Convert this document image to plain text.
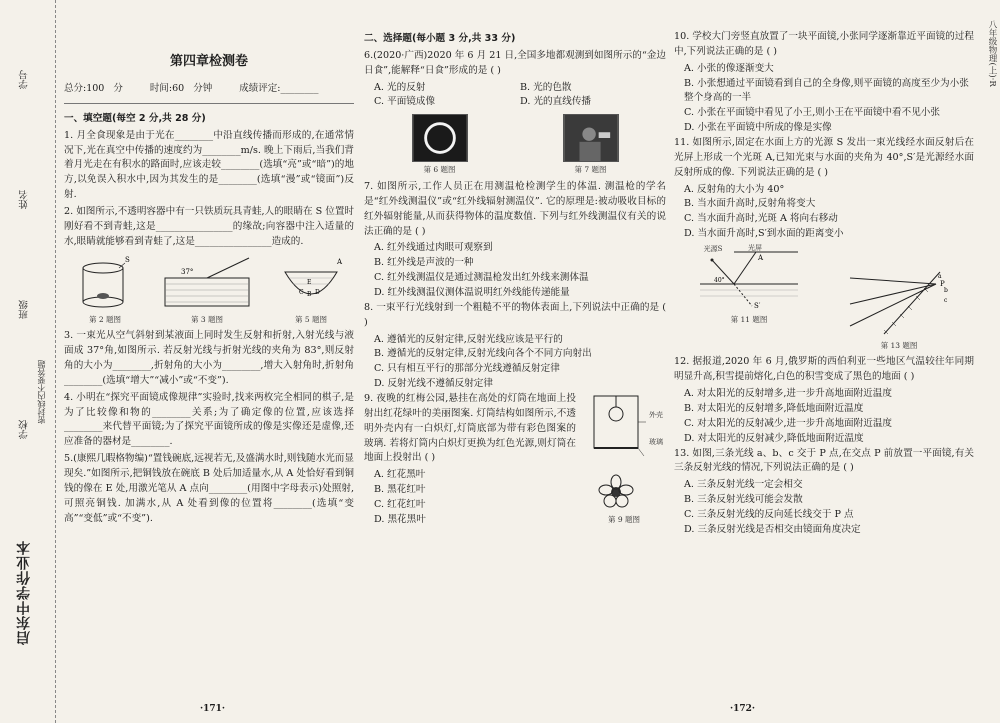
启东中学作业本
学校
班级
姓名
学号
密封线内不要答题
八年级物理(上)·R
第四章检测卷
总分:100 分	时间:60 分钟	成绩评定:________
一、填空题(每空 2 分,共 28 分)
1. 月全食现象是由于光在________中沿直线传播而形成的,在通常情况下,光在真空中传播的速度约为________m/s. 晚上下雨后,当我们背着月光走在有积水的路面时,应该走较________(选填“亮”或“暗”)的地方,以免误入积水中,因为其发生的是________(选填“漫”或“镜面”)反射.
2. 如图所示,不透明容器中有一只铁质玩具青蛙,人的眼睛在 S 位置时刚好看不到青蛙,这是________________的缘故;向容器中注入适量的水,眼睛就能够看到青蛙了,这是________________造成的.
S
第 2 题图
37°
第 3 题图
A
E
B
C D
第 5 题图
3. 一束光从空气斜射到某液面上同时发生反射和折射,入射光线与液面成 37°角,如图所示. 若反射光线与折射光线的夹角为 83°,则反射角的大小为________,折射角的大小为________,增大入射角时,折射角________(选填“增大”“减小”或“不变”).
4. 小明在“探究平面镜成像规律”实验时,找来两枚完全相同的棋子,是为了比较像和物的________关系;为了确定像的位置,应该选择________来代替平面镜;为了探究平面镜所成的像是实像还是虚像,还应准备的器材是________.
5.(康熙几暇格物编)“置钱碗底,远视若无,及盛满水时,则钱随水光而显现矣.”如图所示,把铜钱放在碗底 B 处后加适量水,从 A 处恰好看到铜钱的像在 E 处,用激光笔从 A 点向________(用图中字母表示)处照射,可照亮铜钱. 加满水,从 A 处看到像的位置将________(选填“变高”“变低”或“不变”).
·171·
二、选择题(每小题 3 分,共 33 分)
6.(2020·广西)2020 年 6 月 21 日,全国多地都观测到如图所示的“金边日食”,能解释“日食”形成的是 ( )
A. 光的反射	B. 光的色散
C. 平面镜成像	D. 光的直线传播
第 6 题图	第 7 题图
7. 如图所示,工作人员正在用测温枪检测学生的体温. 测温枪的学名是“红外线测温仪”或“红外线辐射测温仪”. 它的原理是:被动吸收目标的红外辐射能量,从而获得物体的温度数值. 下列与红外线测温仪有关的说法正确的是 ( )
A. 红外线通过肉眼可观察到
B. 红外线是声波的一种
C. 红外线测温仪是通过测温枪发出红外线来测体温
D. 红外线测温仪测体温说明红外线能传递能量
8. 一束平行光线射到一个粗糙不平的物体表面上,下列说法中正确的是 ( )
A. 遵循光的反射定律,反射光线应该是平行的
B. 遵循光的反射定律,反射光线向各个不同方向射出
C. 只有相互平行的那部分光线遵循反射定律
D. 反射光线不遵循反射定律
9. 夜晚的红梅公园,悬挂在高处的灯筒在地面上投射出红花绿叶的美丽图案. 灯筒结构如图所示,不透明外壳内有一白炽灯,灯筒底部为带有彩色图案的玻璃. 若将灯筒内白炽灯更换为红色光源,则灯筒在地面上投射出 ( )
A. 红花黑叶
B. 黑花红叶
C. 红花红叶
D. 黑花黑叶
外壳
玻璃
第 9 题图
10. 学校大门旁竖直放置了一块平面镜,小张同学逐渐靠近平面镜的过程中,下列说法正确的是 ( )
A. 小张的像逐渐变大
B. 小张想通过平面镜看到自己的全身像,则平面镜的高度至少为小张整个身高的一半
C. 小张在平面镜中看见了小王,则小王在平面镜中看不见小张
D. 小张在平面镜中所成的像是实像
11. 如图所示,固定在水面上方的光源 S 发出一束光线经水面反射后在光屏上形成一个光斑 A,已知光束与水面的夹角为 40°,S′是光源经水面反射所成的像. 下列说法正确的是 ( )
A. 反射角的大小为 40°
B. 当水面升高时,反射角将变大
C. 当水面升高时,光斑 A 将向右移动
D. 当水面升高时,S′到水面的距离变小
S′
A
40°
光源S	光屏
第 11 题图
P
a
b
c
第 13 题图
12. 据报道,2020 年 6 月,俄罗斯的西伯利亚一些地区气温较往年同期明显升高,积雪提前熔化,白色的积雪变成了黑色的地面 ( )
A. 对太阳光的反射增多,进一步升高地面附近温度
B. 对太阳光的反射增多,降低地面附近温度
C. 对太阳光的反射减少,进一步升高地面附近温度
D. 对太阳光的反射减少,降低地面附近温度
13. 如图,三条光线 a、b、c 交于 P 点,在交点 P 前放置一平面镜,有关三条反射光线的情况,下列说法正确的是 ( )
A. 三条反射光线一定会相交
B. 三条反射光线可能会发散
C. 三条反射光线的反向延长线交于 P 点
D. 三条反射光线是否相交由镜面角度决定
·172·
